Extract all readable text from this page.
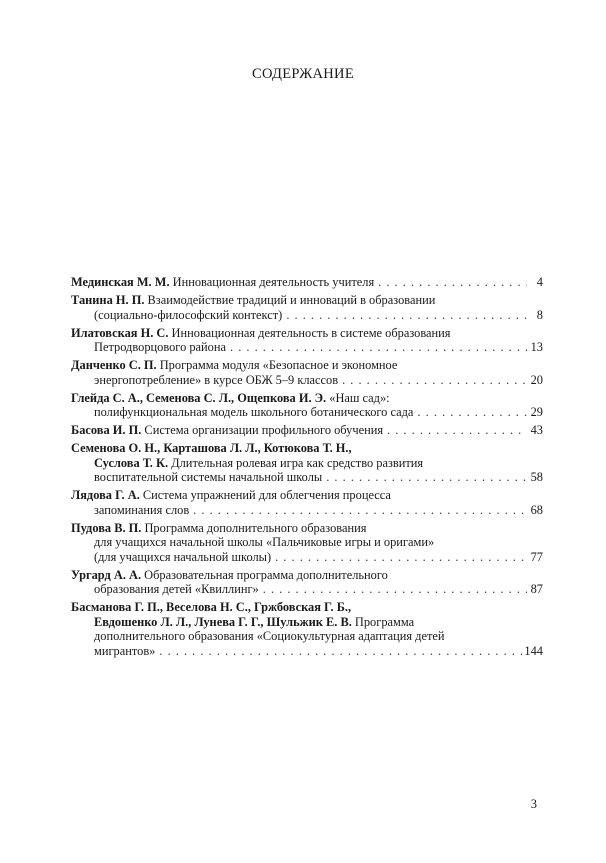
СОДЕРЖАНИЕ
Мединская М. М. Инновационная деятельность учителя . . .	4
Танина Н. П. Взаимодействие традиций и инноваций в образовании
(социально-философский контекст) . . .	8
Илатовская Н. С. Инновационная деятельность в системе образования
Петродворцового района . . .	13
Данченко С. П. Программа модуля «Безопасное и экономное
энергопотребление» в курсе ОБЖ 5–9 классов . . .	20
Глейда С. А., Семенова С. Л., Ощепкова И. Э. «Наш сад»:
полифункциональная модель школьного ботанического сада . . .	29
Басова И. П. Система организации профильного обучения . . .	43
Семенова О. Н., Карташова Л. Л., Котюкова Т. Н.,
Суслова Т. К. Длительная ролевая игра как средство развития
воспитательной системы начальной школы . . .	58
Лядова Г. А. Система упражнений для облегчения процесса
запоминания слов . . .	68
Пудова В. П. Программа дополнительного образования
для учащихся начальной школы «Пальчиковые игры и оригами»
(для учащихся начальной школы) . . .	77
Ургард А. А. Образовательная программа дополнительного
образования детей «Квиллинг» . . .	87
Басманова Г. П., Веселова Н. С., Гржбовская Г. Б.,
Евдошенко Л. Л., Лунева Г. Г., Шульжик Е. В. Программа
дополнительного образования «Социокультурная адаптация детей
мигрантов» . . .	144
3
